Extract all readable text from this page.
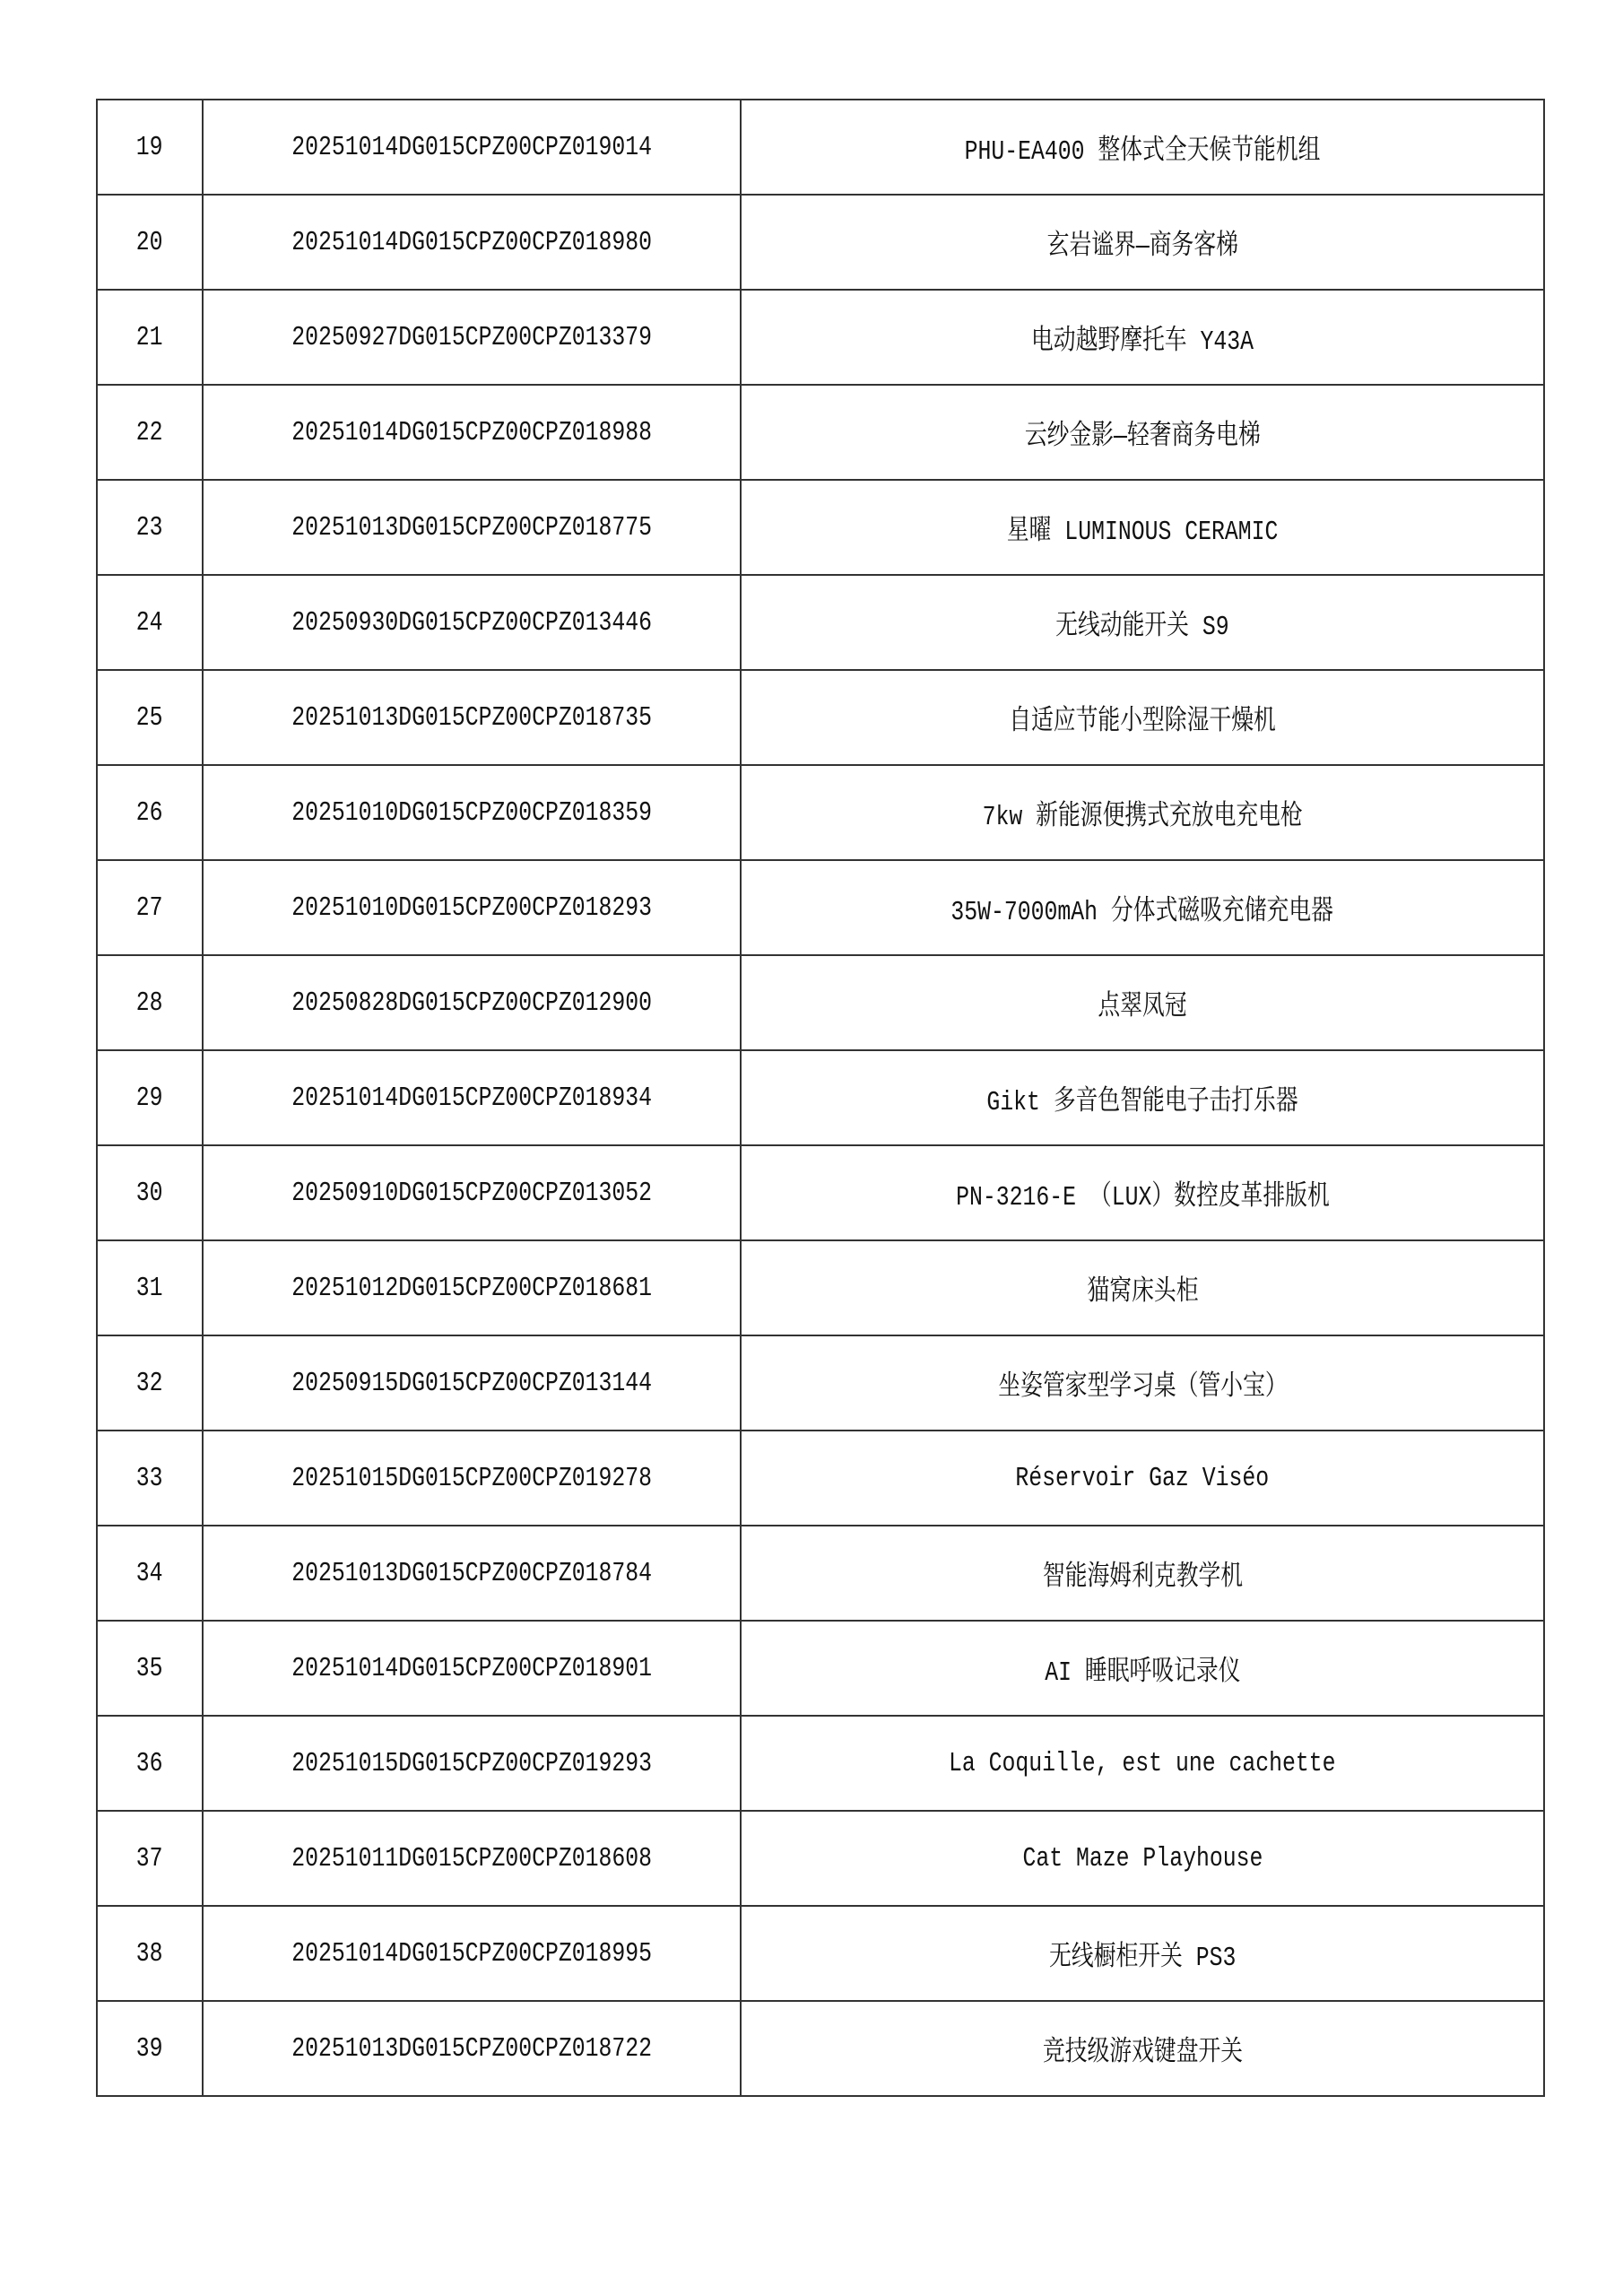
19	20251014DG015CPZ00CPZ019014	PHU-EA400 整体式全天候节能机组
20	20251014DG015CPZ00CPZ018980	玄岩谧界—商务客梯
21	20250927DG015CPZ00CPZ013379	电动越野摩托车 Y43A
22	20251014DG015CPZ00CPZ018988	云纱金影—轻奢商务电梯
23	20251013DG015CPZ00CPZ018775	星曜 LUMINOUS CERAMIC
24	20250930DG015CPZ00CPZ013446	无线动能开关 S9
25	20251013DG015CPZ00CPZ018735	自适应节能小型除湿干燥机
26	20251010DG015CPZ00CPZ018359	7kw 新能源便携式充放电充电枪
27	20251010DG015CPZ00CPZ018293	35W-7000mAh 分体式磁吸充储充电器
28	20250828DG015CPZ00CPZ012900	点翠凤冠
29	20251014DG015CPZ00CPZ018934	Gikt 多音色智能电子击打乐器
30	20250910DG015CPZ00CPZ013052	PN-3216-E （LUX）数控皮革排版机
31	20251012DG015CPZ00CPZ018681	猫窝床头柜
32	20250915DG015CPZ00CPZ013144	坐姿管家型学习桌（管小宝）
33	20251015DG015CPZ00CPZ019278	Réservoir Gaz Viséo
34	20251013DG015CPZ00CPZ018784	智能海姆利克教学机
35	20251014DG015CPZ00CPZ018901	AI 睡眠呼吸记录仪
36	20251015DG015CPZ00CPZ019293	La Coquille, est une cachette
37	20251011DG015CPZ00CPZ018608	Cat Maze Playhouse
38	20251014DG015CPZ00CPZ018995	无线橱柜开关 PS3
39	20251013DG015CPZ00CPZ018722	竞技级游戏键盘开关
